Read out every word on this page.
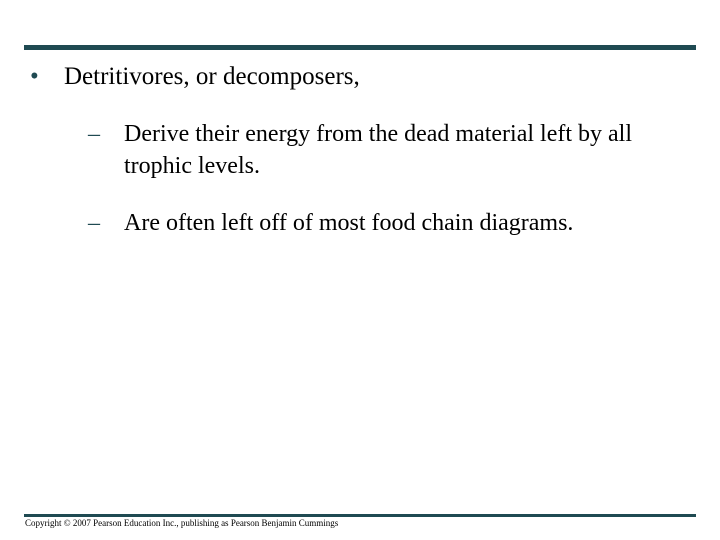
• Detritivores, or decomposers,
–	Derive their energy from the dead material left by all trophic levels.
–	Are often left off of most food chain diagrams.
Copyright © 2007 Pearson Education Inc., publishing as Pearson Benjamin Cummings
